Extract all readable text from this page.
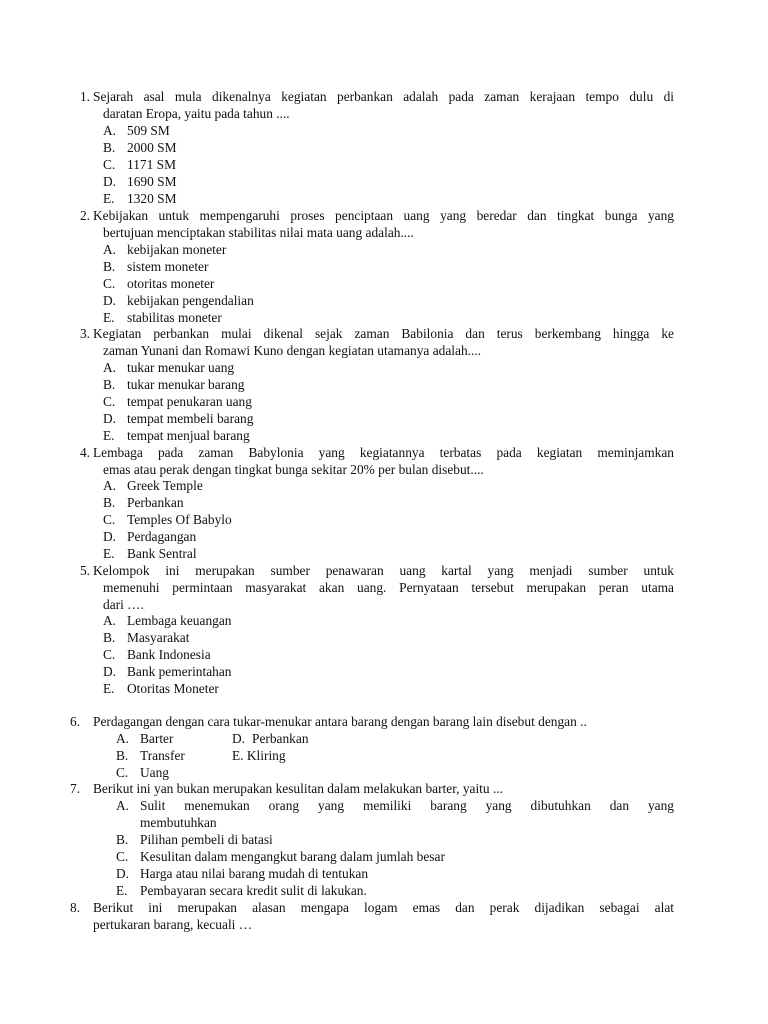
1. Sejarah asal mula dikenalnya kegiatan perbankan adalah pada zaman kerajaan tempo dulu di
daratan Eropa, yaitu pada tahun ....
A. 509 SM
B. 2000 SM
C. 1171 SM
D. 1690 SM
E. 1320 SM
2. Kebijakan untuk mempengaruhi proses penciptaan uang yang beredar dan tingkat bunga yang
bertujuan menciptakan stabilitas nilai mata uang adalah....
A. kebijakan moneter
B. sistem moneter
C. otoritas moneter
D. kebijakan pengendalian
E. stabilitas moneter
3. Kegiatan perbankan mulai dikenal sejak zaman Babilonia dan terus berkembang hingga ke
zaman Yunani dan Romawi Kuno dengan kegiatan utamanya adalah....
A. tukar menukar uang
B. tukar menukar barang
C. tempat penukaran uang
D. tempat membeli barang
E. tempat menjual barang
4. Lembaga pada zaman Babylonia yang kegiatannya terbatas pada kegiatan meminjamkan
emas atau perak dengan tingkat bunga sekitar 20% per bulan disebut....
A. Greek Temple
B. Perbankan
C. Temples Of Babylo
D. Perdagangan
E. Bank Sentral
5. Kelompok ini merupakan sumber penawaran uang kartal yang menjadi sumber untuk
memenuhi permintaan masyarakat akan uang. Pernyataan tersebut merupakan peran utama
dari ….
A. Lembaga keuangan
B. Masyarakat
C. Bank Indonesia
D. Bank pemerintahan
E. Otoritas Moneter
6. Perdagangan dengan cara tukar-menukar antara barang dengan barang lain disebut dengan ..
A. Barter
B. Transfer
C. Uang
D. Perbankan
E. Kliring
7. Berikut ini yan bukan merupakan kesulitan dalam melakukan barter, yaitu ...
A. Sulit menemukan orang yang memiliki barang yang dibutuhkan dan yang
membutuhkan
B. Pilihan pembeli di batasi
C. Kesulitan dalam mengangkut barang dalam jumlah besar
D. Harga atau nilai barang mudah di tentukan
E. Pembayaran secara kredit sulit di lakukan.
8. Berikut ini merupakan alasan mengapa logam emas dan perak dijadikan sebagai alat
pertukaran barang, kecuali …
